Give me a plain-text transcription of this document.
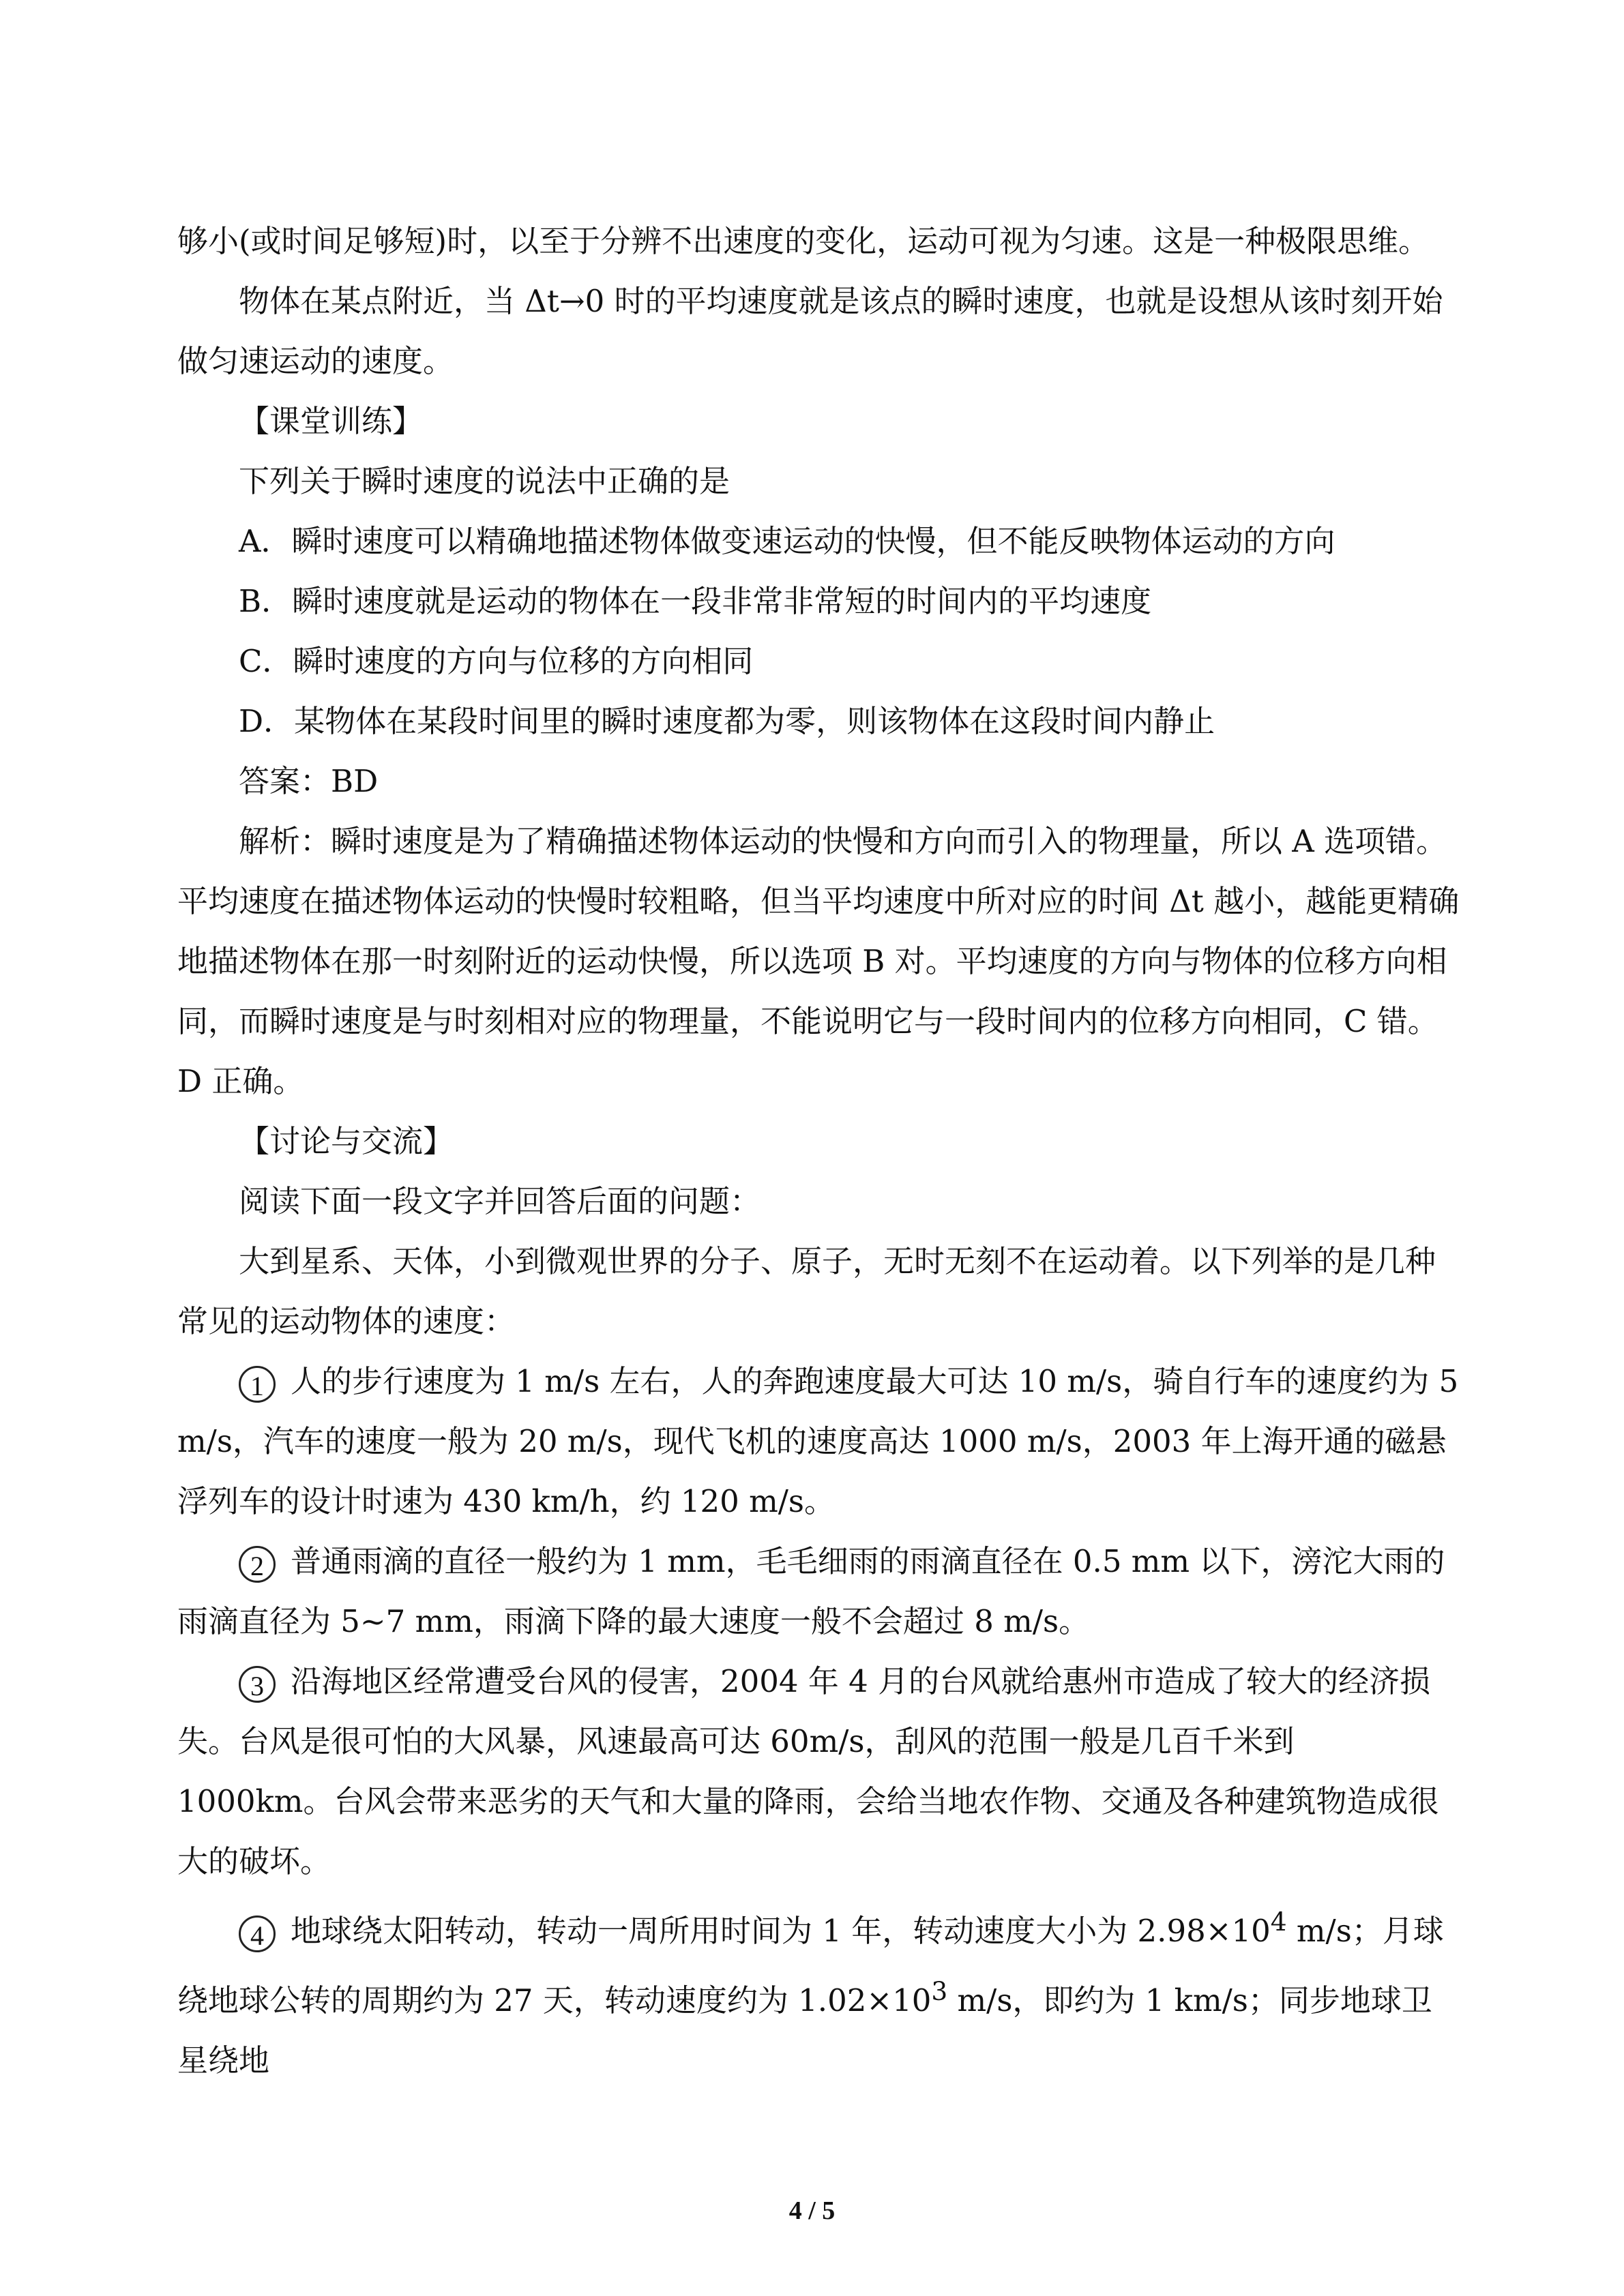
够小(或时间足够短)时，以至于分辨不出速度的变化，运动可视为匀速。这是一种极限思维。

物体在某点附近，当 Δt→0 时的平均速度就是该点的瞬时速度，也就是设想从该时刻开始做匀速运动的速度。

【课堂训练】

下列关于瞬时速度的说法中正确的是

A．瞬时速度可以精确地描述物体做变速运动的快慢，但不能反映物体运动的方向

B．瞬时速度就是运动的物体在一段非常非常短的时间内的平均速度

C．瞬时速度的方向与位移的方向相同

D．某物体在某段时间里的瞬时速度都为零，则该物体在这段时间内静止

答案：BD

解析：瞬时速度是为了精确描述物体运动的快慢和方向而引入的物理量，所以 A 选项错。平均速度在描述物体运动的快慢时较粗略，但当平均速度中所对应的时间 Δt 越小，越能更精确地描述物体在那一时刻附近的运动快慢，所以选项 B 对。平均速度的方向与物体的位移方向相同，而瞬时速度是与时刻相对应的物理量，不能说明它与一段时间内的位移方向相同，C 错。D 正确。

【讨论与交流】

阅读下面一段文字并回答后面的问题：

大到星系、天体，小到微观世界的分子、原子，无时无刻不在运动着。以下列举的是几种常见的运动物体的速度：

1 人的步行速度为 1 m/s 左右，人的奔跑速度最大可达 10 m/s，骑自行车的速度约为 5 m/s，汽车的速度一般为 20 m/s，现代飞机的速度高达 1000 m/s，2003 年上海开通的磁悬浮列车的设计时速为 430 km/h，约 120 m/s。

2 普通雨滴的直径一般约为 1 mm，毛毛细雨的雨滴直径在 0.5 mm 以下，滂沱大雨的雨滴直径为 5~7 mm，雨滴下降的最大速度一般不会超过 8 m/s。

3 沿海地区经常遭受台风的侵害，2004 年 4 月的台风就给惠州市造成了较大的经济损失。台风是很可怕的大风暴，风速最高可达 60m/s，刮风的范围一般是几百千米到 1000km。台风会带来恶劣的天气和大量的降雨，会给当地农作物、交通及各种建筑物造成很大的破坏。

4 地球绕太阳转动，转动一周所用时间为 1 年，转动速度大小为 $2.98\times 10^4$ m/s；月球绕地球公转的周期约为 27 天，转动速度约为 $1.02\times 10^3$ m/s，即约为 1 km/s；同步地球卫星绕地

4 / 5
